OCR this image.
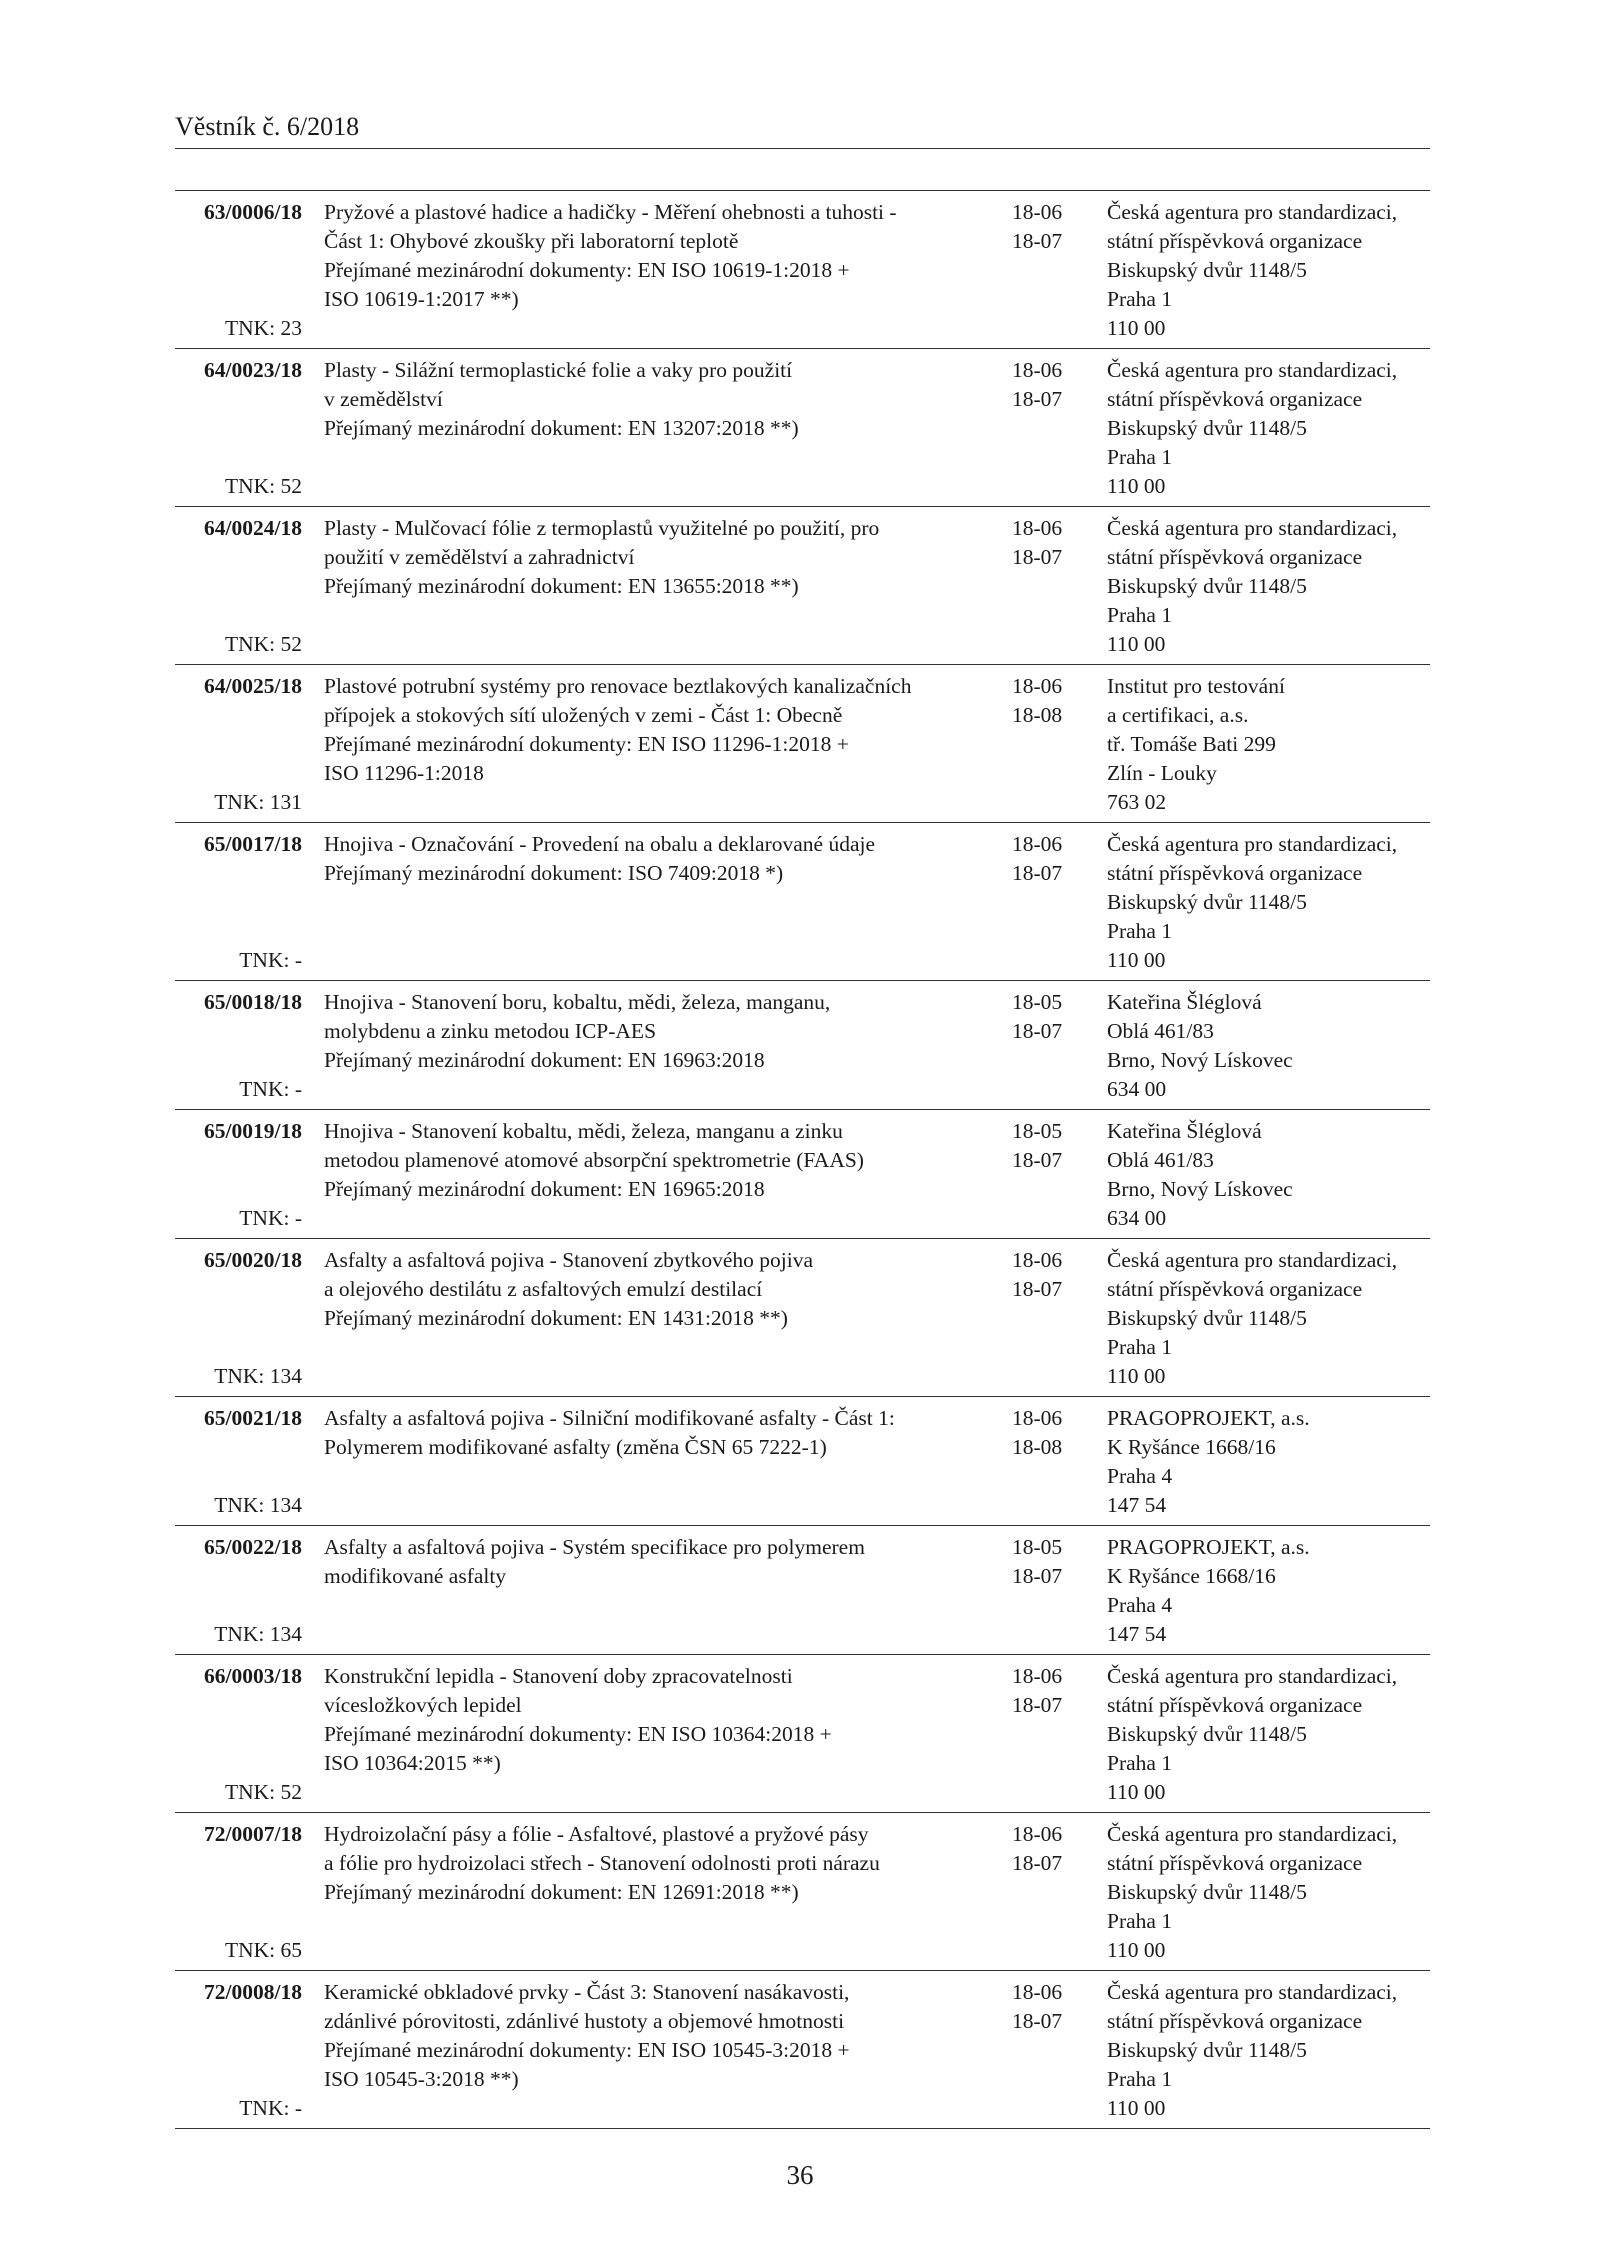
Věstník č. 6/2018
63/0006/18
TNK: 23
Pryžové a plastové hadice a hadičky - Měření ohebnosti a tuhosti -
Část 1: Ohybové zkoušky při laboratorní teplotě
Přejímané mezinárodní dokumenty: EN ISO 10619-1:2018 +
ISO 10619-1:2017 **)
18-06
18-07
Česká agentura pro standardizaci,
státní příspěvková organizace
Biskupský dvůr 1148/5
Praha 1
110 00
64/0023/18
TNK: 52
Plasty - Silážní termoplastické folie a vaky pro použití
v zemědělství
Přejímaný mezinárodní dokument: EN 13207:2018 **)
18-06
18-07
Česká agentura pro standardizaci,
státní příspěvková organizace
Biskupský dvůr 1148/5
Praha 1
110 00
64/0024/18
TNK: 52
Plasty - Mulčovací fólie z termoplastů využitelné po použití, pro
použití v zemědělství a zahradnictví
Přejímaný mezinárodní dokument: EN 13655:2018 **)
18-06
18-07
Česká agentura pro standardizaci,
státní příspěvková organizace
Biskupský dvůr 1148/5
Praha 1
110 00
64/0025/18
TNK: 131
Plastové potrubní systémy pro renovace beztlakových kanalizačních
přípojek a stokových sítí uložených v zemi - Část 1: Obecně
Přejímané mezinárodní dokumenty: EN ISO 11296-1:2018 +
ISO 11296-1:2018
18-06
18-08
Institut pro testování
a certifikaci, a.s.
tř. Tomáše Bati 299
Zlín - Louky
763 02
65/0017/18
TNK: -
Hnojiva - Označování - Provedení na obalu a deklarované údaje
Přejímaný mezinárodní dokument: ISO 7409:2018 *)
18-06
18-07
Česká agentura pro standardizaci,
státní příspěvková organizace
Biskupský dvůr 1148/5
Praha 1
110 00
65/0018/18
TNK: -
Hnojiva - Stanovení boru, kobaltu, mědi, železa, manganu,
molybdenu a zinku metodou ICP-AES
Přejímaný mezinárodní dokument: EN 16963:2018
18-05
18-07
Kateřina Šléglová
Oblá 461/83
Brno, Nový Lískovec
634 00
65/0019/18
TNK: -
Hnojiva - Stanovení kobaltu, mědi, železa, manganu a zinku
metodou plamenové atomové absorpční spektrometrie (FAAS)
Přejímaný mezinárodní dokument: EN 16965:2018
18-05
18-07
Kateřina Šléglová
Oblá 461/83
Brno, Nový Lískovec
634 00
65/0020/18
TNK: 134
Asfalty a asfaltová pojiva - Stanovení zbytkového pojiva
a olejového destilátu z asfaltových emulzí destilací
Přejímaný mezinárodní dokument: EN 1431:2018 **)
18-06
18-07
Česká agentura pro standardizaci,
státní příspěvková organizace
Biskupský dvůr 1148/5
Praha 1
110 00
65/0021/18
TNK: 134
Asfalty a asfaltová pojiva - Silniční modifikované asfalty - Část 1:
Polymerem modifikované asfalty (změna ČSN 65 7222-1)
18-06
18-08
PRAGOPROJEKT, a.s.
K Ryšánce 1668/16
Praha 4
147 54
65/0022/18
TNK: 134
Asfalty a asfaltová pojiva - Systém specifikace pro polymerem
modifikované asfalty
18-05
18-07
PRAGOPROJEKT, a.s.
K Ryšánce 1668/16
Praha 4
147 54
66/0003/18
TNK: 52
Konstrukční lepidla - Stanovení doby zpracovatelnosti
vícesložkových lepidel
Přejímané mezinárodní dokumenty: EN ISO 10364:2018 +
ISO 10364:2015 **)
18-06
18-07
Česká agentura pro standardizaci,
státní příspěvková organizace
Biskupský dvůr 1148/5
Praha 1
110 00
72/0007/18
TNK: 65
Hydroizolační pásy a fólie - Asfaltové, plastové a pryžové pásy
a fólie pro hydroizolaci střech - Stanovení odolnosti proti nárazu
Přejímaný mezinárodní dokument: EN 12691:2018 **)
18-06
18-07
Česká agentura pro standardizaci,
státní příspěvková organizace
Biskupský dvůr 1148/5
Praha 1
110 00
72/0008/18
TNK: -
Keramické obkladové prvky - Část 3: Stanovení nasákavosti,
zdánlivé pórovitosti, zdánlivé hustoty a objemové hmotnosti
Přejímané mezinárodní dokumenty: EN ISO 10545-3:2018 +
ISO 10545-3:2018 **)
18-06
18-07
Česká agentura pro standardizaci,
státní příspěvková organizace
Biskupský dvůr 1148/5
Praha 1
110 00
36
